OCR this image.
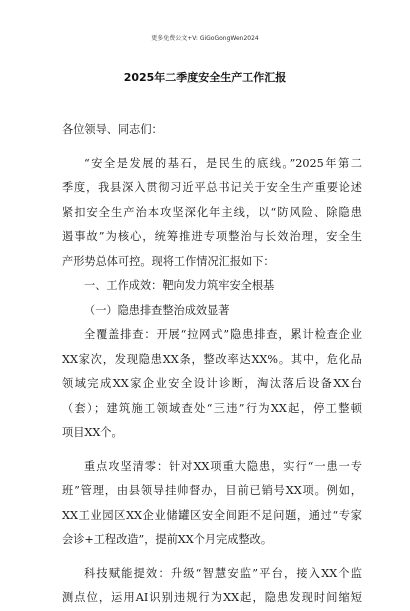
更多免费公文+V: GiGoGongWen2024
2025年二季度安全生产工作汇报
各位领导、同志们：
“安全是发展的基石，是民生的底线。”2025年第二
季度，我县深入贯彻习近平总书记关于安全生产重要论述
紧扣安全生产治本攻坚深化年主线，以“防风险、除隐患
遏事故”为核心，统筹推进专项整治与长效治理，安全生
产形势总体可控。现将工作情况汇报如下：
一、工作成效：靶向发力筑牢安全根基
（一）隐患排查整治成效显著
全覆盖排查：开展“拉网式”隐患排查，累计检查企业
XX家次，发现隐患XX条，整改率达XX%。其中，危化品
领域完成XX家企业安全设计诊断，淘汰落后设备XX台
（套）；建筑施工领域查处“三违”行为XX起，停工整顿
项目XX个。
重点攻坚清零：针对XX项重大隐患，实行“一患一专
班”管理，由县领导挂帅督办，目前已销号XX项。例如，
XX工业园区XX企业储罐区安全间距不足问题，通过“专家
会诊+工程改造”，提前XX个月完成整改。
科技赋能提效：升级“智慧安监”平台，接入XX个监
测点位，运用AI识别违规行为XX起，隐患发现时间缩短
